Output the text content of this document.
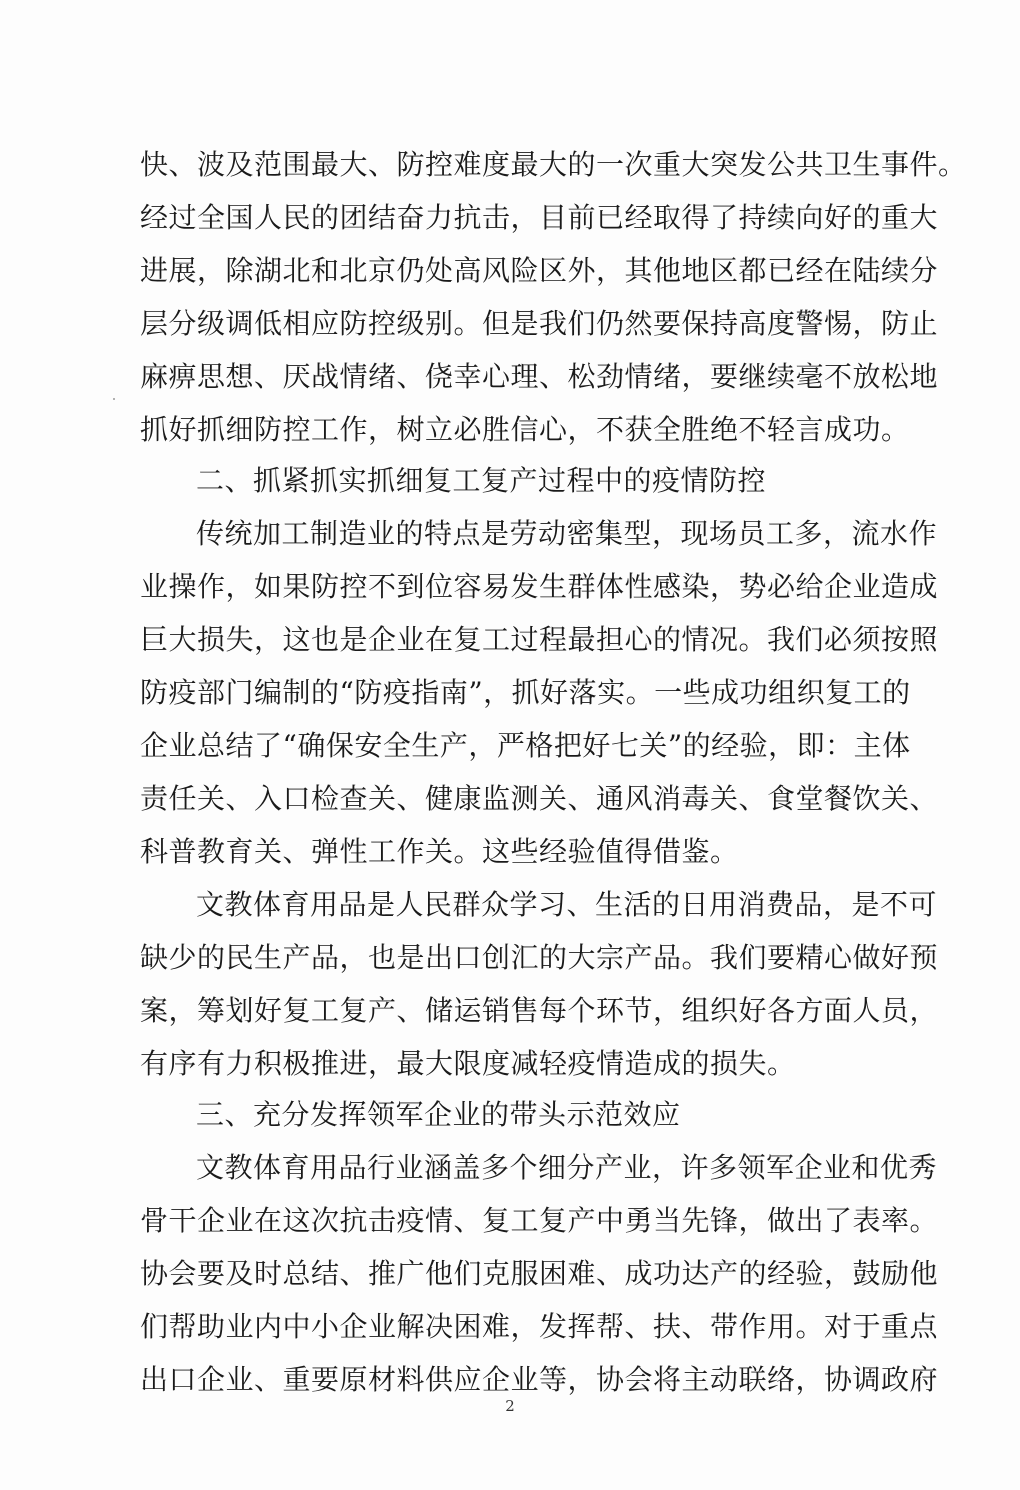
快、波及范围最大、防控难度最大的一次重大突发公共卫生事件。
经过全国人民的团结奋力抗击，目前已经取得了持续向好的重大
进展，除湖北和北京仍处高风险区外，其他地区都已经在陆续分
层分级调低相应防控级别。但是我们仍然要保持高度警惕，防止
麻痹思想、厌战情绪、侥幸心理、松劲情绪，要继续毫不放松地
抓好抓细防控工作，树立必胜信心，不获全胜绝不轻言成功。
二、抓紧抓实抓细复工复产过程中的疫情防控
传统加工制造业的特点是劳动密集型，现场员工多，流水作
业操作，如果防控不到位容易发生群体性感染，势必给企业造成
巨大损失，这也是企业在复工过程最担心的情况。我们必须按照
防疫部门编制的“防疫指南”，抓好落实。一些成功组织复工的
企业总结了“确保安全生产，严格把好七关”的经验，即：主体
责任关、入口检查关、健康监测关、通风消毒关、食堂餐饮关、
科普教育关、弹性工作关。这些经验值得借鉴。
文教体育用品是人民群众学习、生活的日用消费品，是不可
缺少的民生产品，也是出口创汇的大宗产品。我们要精心做好预
案，筹划好复工复产、储运销售每个环节，组织好各方面人员，
有序有力积极推进，最大限度减轻疫情造成的损失。
三、充分发挥领军企业的带头示范效应
文教体育用品行业涵盖多个细分产业，许多领军企业和优秀
骨干企业在这次抗击疫情、复工复产中勇当先锋，做出了表率。
协会要及时总结、推广他们克服困难、成功达产的经验，鼓励他
们帮助业内中小企业解决困难，发挥帮、扶、带作用。对于重点
出口企业、重要原材料供应企业等，协会将主动联络，协调政府
2
